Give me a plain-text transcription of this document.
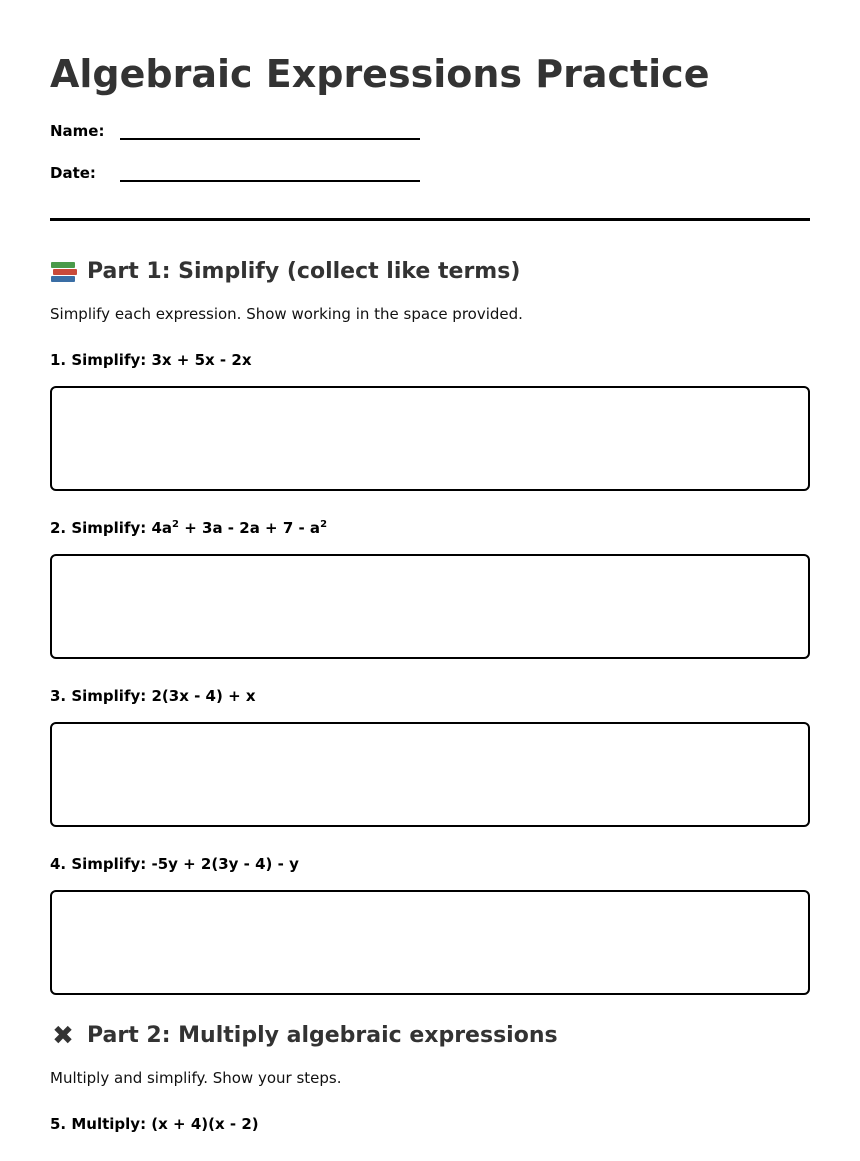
Algebraic Expressions Practice
Name:
Date:
Part 1: Simplify (collect like terms)
Simplify each expression. Show working in the space provided.
1. Simplify: 3x + 5x - 2x
2. Simplify: $4a^2 + 3a - 2a + 7 - a^2$
3. Simplify: 2(3x - 4) + x
4. Simplify: -5y + 2(3y - 4) - y
✖ Part 2: Multiply algebraic expressions
Multiply and simplify. Show your steps.
5. Multiply: (x + 4)(x - 2)
